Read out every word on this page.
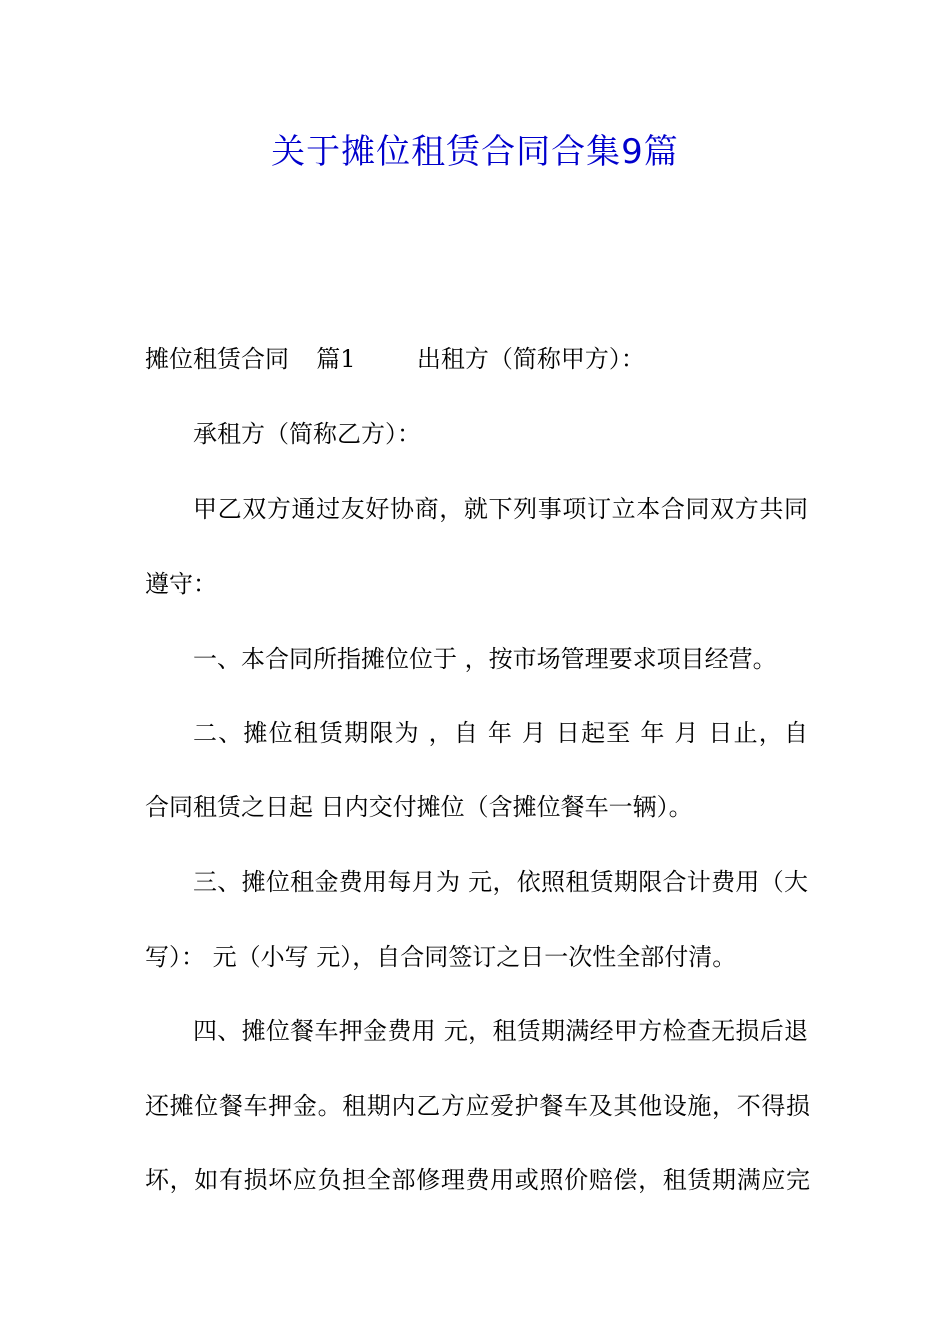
关于摊位租赁合同合集9篇
摊位租赁合同 篇1	出租方（简称甲方）：
承租方（简称乙方）：
甲乙双方通过友好协商，就下列事项订立本合同双方共同
遵守：
一、本合同所指摊位位于 ，按市场管理要求项目经营。
二、摊位租赁期限为 ，自 年 月 日起至 年 月 日止，自
合同租赁之日起 日内交付摊位（含摊位餐车一辆）。
三、摊位租金费用每月为 元，依照租赁期限合计费用（大
写）： 元（小写 元），自合同签订之日一次性全部付清。
四、摊位餐车押金费用 元，租赁期满经甲方检查无损后退
还摊位餐车押金。租期内乙方应爱护餐车及其他设施，不得损
坏，如有损坏应负担全部修理费用或照价赔偿，租赁期满应完
